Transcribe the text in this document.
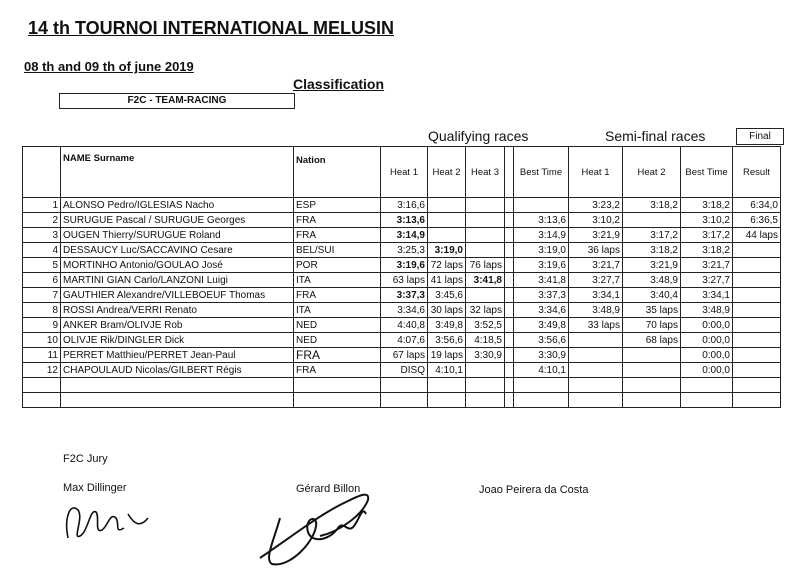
14 th TOURNOI INTERNATIONAL MELUSIN
08 th and 09 th of june 2019
Classification
F2C - TEAM-RACING
Qualifying races	Semi-final races	Final
	NAME Surname	Nation	Heat 1	Heat 2	Heat 3		Best Time	Heat 1	Heat 2	Best Time	Result
1	ALONSO Pedro/IGLESIAS Nacho	ESP	3:16,6					3:23,2	3:18,2	3:18,2	6:34,0
2	SURUGUE Pascal / SURUGUE Georges	FRA	3:13,6				3:13,6	3:10,2		3:10,2	6:36,5
3	OUGEN Thierry/SURUGUE Roland	FRA	3:14,9				3:14,9	3:21,9	3:17,2	3:17,2	44 laps
4	DESSAUCY Luc/SACCAVINO Cesare	BEL/SUI	3:25,3	3:19,0			3:19,0	36 laps	3:18,2	3:18,2	
5	MORTINHO Antonio/GOULAO José	POR	3:19,6	72 laps	76 laps		3:19,6	3:21,7	3:21,9	3:21,7	
6	MARTINI GIAN Carlo/LANZONI Luigi	ITA	63 laps	41 laps	3:41,8		3:41,8	3:27,7	3:48,9	3:27,7	
7	GAUTHIER Alexandre/VILLEBOEUF Thomas	FRA	3:37,3	3:45,6			3:37,3	3:34,1	3:40,4	3:34,1	
8	ROSSI Andrea/VERRI Renato	ITA	3:34,6	30 laps	32 laps		3:34,6	3:48,9	35 laps	3:48,9	
9	ANKER Bram/OLIVJE Rob	NED	4:40,8	3:49,8	3:52,5		3:49,8	33 laps	70 laps	0:00,0	
10	OLIVJE Rik/DINGLER Dick	NED	4:07,6	3:56,6	4:18,5		3:56,6		68 laps	0:00,0	
11	PERRET Matthieu/PERRET Jean-Paul	FRA	67 laps	19 laps	3:30,9		3:30,9			0:00,0	
12	CHAPOULAUD Nicolas/GILBERT Régis	FRA	DISQ	4:10,1			4:10,1			0:00,0	

F2C Jury
Max Dillinger	Gérard Billon	Joao Peirera da Costa
